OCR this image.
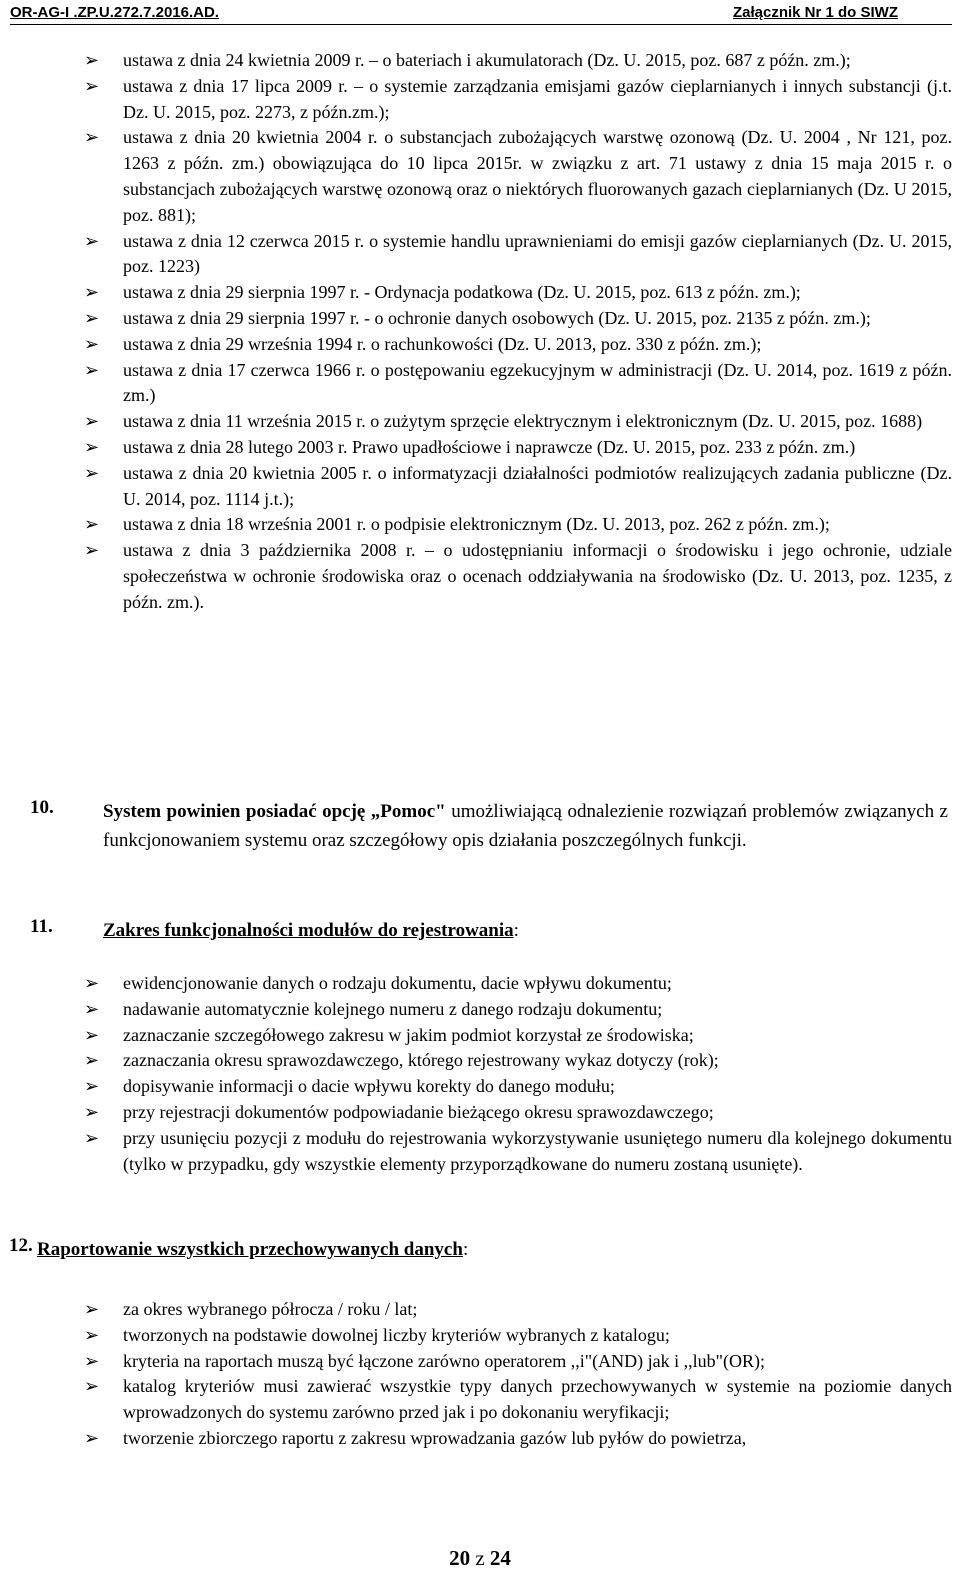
OR-AG-I .ZP.U.272.7.2016.AD.	Załącznik Nr 1 do SIWZ
➢ ustawa z dnia 24 kwietnia 2009 r. – o bateriach i akumulatorach (Dz. U. 2015, poz. 687 z późn. zm.);
➢ ustawa z dnia 17 lipca 2009 r. – o systemie zarządzania emisjami gazów cieplarnianych i innych substancji (j.t. Dz. U. 2015, poz. 2273, z późn.zm.);
➢ ustawa z dnia 20 kwietnia 2004 r. o substancjach zubożających warstwę ozonową (Dz. U. 2004 , Nr 121, poz. 1263 z późn. zm.) obowiązująca do 10 lipca 2015r. w związku z art. 71 ustawy z dnia 15 maja 2015 r. o substancjach zubożających warstwę ozonową oraz o niektórych fluorowanych gazach cieplarnianych (Dz. U 2015, poz. 881);
➢ ustawa z dnia 12 czerwca 2015 r. o systemie handlu uprawnieniami do emisji gazów cieplarnianych (Dz. U. 2015, poz. 1223)
➢ ustawa z dnia 29 sierpnia 1997 r. - Ordynacja podatkowa (Dz. U. 2015, poz. 613 z późn. zm.);
➢ ustawa z dnia 29 sierpnia 1997 r. - o ochronie danych osobowych (Dz. U. 2015, poz. 2135 z późn. zm.);
➢ ustawa z dnia 29 września 1994 r. o rachunkowości (Dz. U. 2013, poz. 330 z późn. zm.);
➢ ustawa z dnia 17 czerwca 1966 r. o postępowaniu egzekucyjnym w administracji (Dz. U. 2014, poz. 1619 z późn. zm.)
➢ ustawa z dnia 11 września 2015 r. o zużytym sprzęcie elektrycznym i elektronicznym (Dz. U. 2015, poz. 1688)
➢ ustawa z dnia 28 lutego 2003 r. Prawo upadłościowe i naprawcze (Dz. U. 2015, poz. 233 z późn. zm.)
➢ ustawa z dnia 20 kwietnia 2005 r. o informatyzacji działalności podmiotów realizujących zadania publiczne (Dz. U. 2014, poz. 1114 j.t.);
➢ ustawa z dnia 18 września 2001 r. o podpisie elektronicznym (Dz. U. 2013, poz. 262 z późn. zm.);
➢ ustawa z dnia 3 października 2008 r. – o udostępnianiu informacji o środowisku i jego ochronie, udziale społeczeństwa w ochronie środowiska oraz o ocenach oddziaływania na środowisko (Dz. U. 2013, poz. 1235, z późn. zm.).
10.	System powinien posiadać opcję „Pomoc" umożliwiającą odnalezienie rozwiązań problemów związanych z funkcjonowaniem systemu oraz szczegółowy opis działania poszczególnych funkcji.
11.	Zakres funkcjonalności modułów do rejestrowania:
➢ ewidencjonowanie danych o rodzaju dokumentu, dacie wpływu dokumentu;
➢ nadawanie automatycznie kolejnego numeru z danego rodzaju dokumentu;
➢ zaznaczanie szczegółowego zakresu w jakim podmiot korzystał ze środowiska;
➢ zaznaczania okresu sprawozdawczego, którego rejestrowany wykaz dotyczy (rok);
➢ dopisywanie informacji o dacie wpływu korekty do danego modułu;
➢ przy rejestracji dokumentów podpowiadanie bieżącego okresu sprawozdawczego;
➢ przy usunięciu pozycji z modułu do rejestrowania wykorzystywanie usuniętego numeru dla kolejnego dokumentu (tylko w przypadku, gdy wszystkie elementy przyporządkowane do numeru zostaną usunięte).
12. Raportowanie wszystkich przechowywanych danych:
➢ za okres wybranego półrocza / roku / lat;
➢ tworzonych na podstawie dowolnej liczby kryteriów wybranych z katalogu;
➢ kryteria na raportach muszą być łączone zarówno operatorem ,,i"(AND) jak i ,,lub"(OR);
➢ katalog kryteriów musi zawierać wszystkie typy danych przechowywanych w systemie na poziomie danych wprowadzonych do systemu zarówno przed jak i po dokonaniu weryfikacji;
➢ tworzenie zbiorczego raportu z zakresu wprowadzania gazów lub pyłów do powietrza,
20 z 24
